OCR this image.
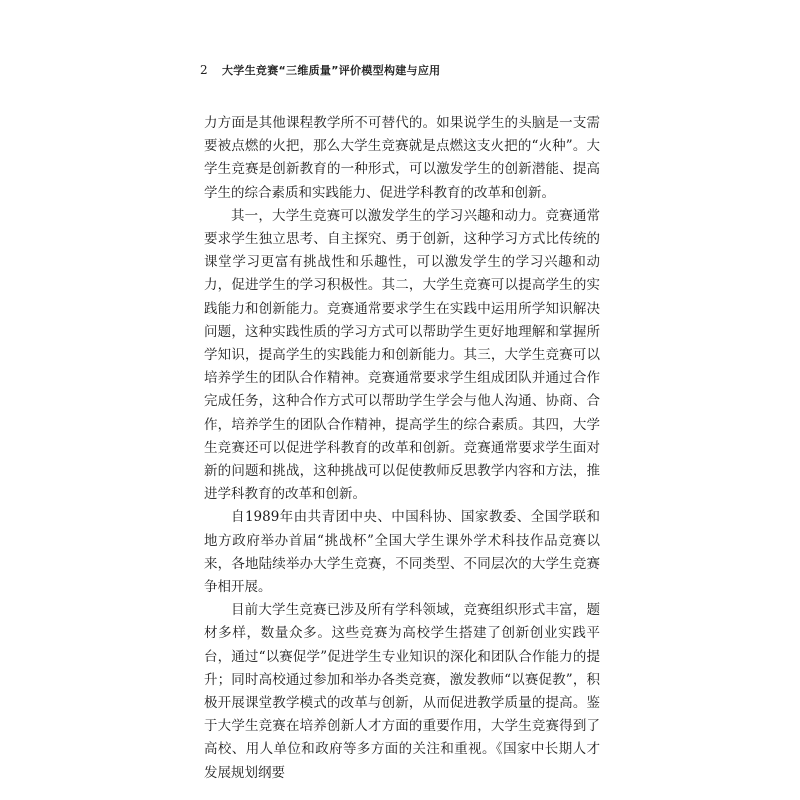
2	大学生竞赛“三维质量”评价模型构建与应用

力方面是其他课程教学所不可替代的。如果说学生的头脑是一支需要被点燃的火把，那么大学生竞赛就是点燃这支火把的“火种”。大学生竞赛是创新教育的一种形式，可以激发学生的创新潜能、提高学生的综合素质和实践能力、促进学科教育的改革和创新。

其一，大学生竞赛可以激发学生的学习兴趣和动力。竞赛通常要求学生独立思考、自主探究、勇于创新，这种学习方式比传统的课堂学习更富有挑战性和乐趣性，可以激发学生的学习兴趣和动力，促进学生的学习积极性。其二，大学生竞赛可以提高学生的实践能力和创新能力。竞赛通常要求学生在实践中运用所学知识解决问题，这种实践性质的学习方式可以帮助学生更好地理解和掌握所学知识，提高学生的实践能力和创新能力。其三，大学生竞赛可以培养学生的团队合作精神。竞赛通常要求学生组成团队并通过合作完成任务，这种合作方式可以帮助学生学会与他人沟通、协商、合作，培养学生的团队合作精神，提高学生的综合素质。其四，大学生竞赛还可以促进学科教育的改革和创新。竞赛通常要求学生面对新的问题和挑战，这种挑战可以促使教师反思教学内容和方法，推进学科教育的改革和创新。

自1989年由共青团中央、中国科协、国家教委、全国学联和地方政府举办首届“挑战杯”全国大学生课外学术科技作品竞赛以来，各地陆续举办大学生竞赛，不同类型、不同层次的大学生竞赛争相开展。

目前大学生竞赛已涉及所有学科领域，竞赛组织形式丰富，题材多样，数量众多。这些竞赛为高校学生搭建了创新创业实践平台，通过“以赛促学”促进学生专业知识的深化和团队合作能力的提升；同时高校通过参加和举办各类竞赛，激发教师“以赛促教”，积极开展课堂教学模式的改革与创新，从而促进教学质量的提高。鉴于大学生竞赛在培养创新人才方面的重要作用，大学生竞赛得到了高校、用人单位和政府等多方面的关注和重视。《国家中长期人才发展规划纲要
